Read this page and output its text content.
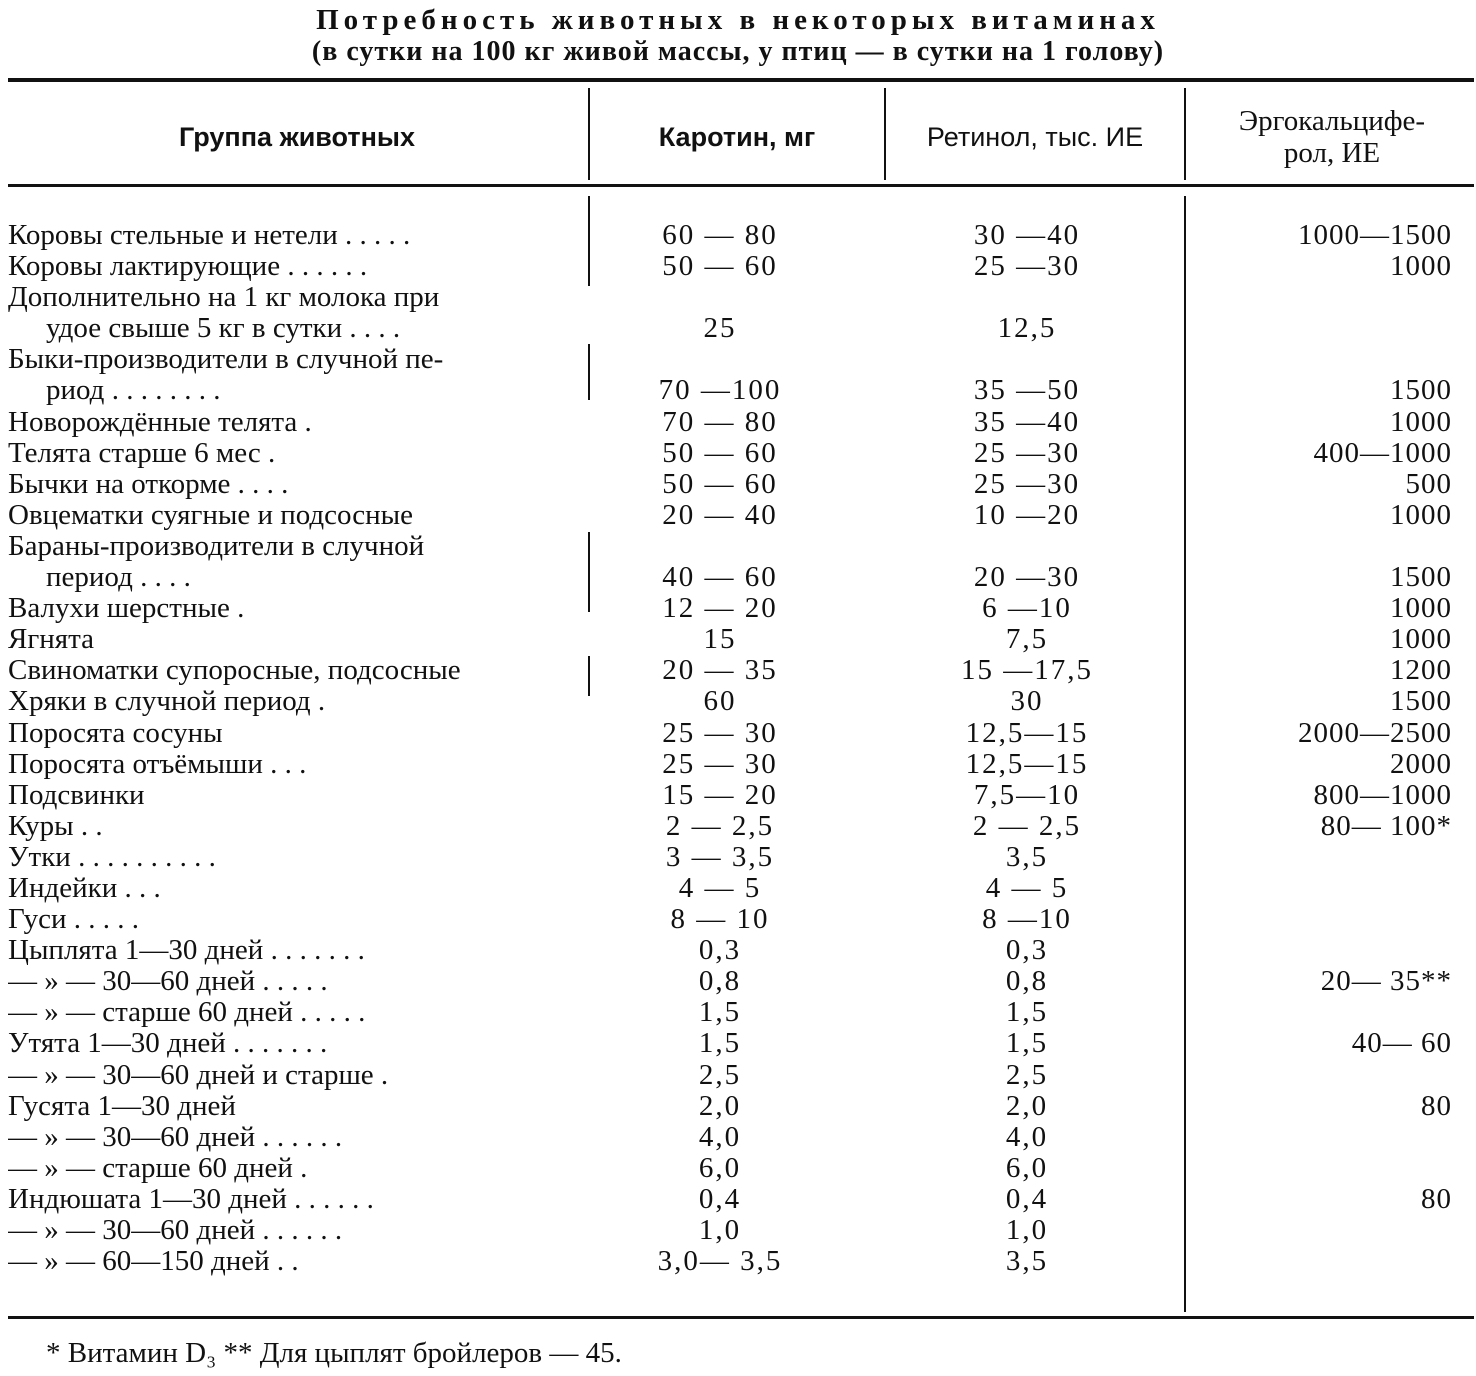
Потребность животных в некоторых витаминах
(в сутки на 100 кг живой массы, у птиц — в сутки на 1 голову)
Группа животных	Каротин, мг	Ретинол, тыс. ИЕ	Эргокальцифе-
рол, ИЕ
Коровы стельные и нетели . . . . .	60 — 80	30 —40	1000—1500
Коровы лактирующие . . . . . .	50 — 60	25 —30	1000
Дополнительно на 1 кг молока при
удое свыше 5 кг в сутки . . . .	25	12,5
Быки-производители в случной пе-
риод . . . . . . . .	70 —100	35 —50	1500
Новорождённые телята .	70 — 80	35 —40	1000
Телята старше 6 мес .	50 — 60	25 —30	400—1000
Бычки на откорме . . . .	50 — 60	25 —30	500
Овцематки суягные и подсосные	20 — 40	10 —20	1000
Бараны-производители в случной
период . . . .	40 — 60	20 —30	1500
Валухи шерстные .	12 — 20	6 —10	1000
Ягнята	15	7,5	1000
Свиноматки супоросные, подсосные	20 — 35	15 —17,5	1200
Хряки в случной период .	60	30	1500
Поросята сосуны	25 — 30	12,5—15	2000—2500
Поросята отъёмыши . . .	25 — 30	12,5—15	2000
Подсвинки	15 — 20	7,5—10	800—1000
Куры . .	2 — 2,5	2 — 2,5	80— 100*
Утки . . . . . . . . . .	3 — 3,5	3,5
Индейки . . .	4 — 5	4 — 5
Гуси . . . . .	8 — 10	8 —10
Цыплята 1—30 дней . . . . . . .	0,3	0,3
— » — 30—60 дней . . . . .	0,8	0,8	20— 35**
— » — старше 60 дней . . . . .	1,5	1,5
Утята 1—30 дней . . . . . . .	1,5	1,5	40— 60
— » — 30—60 дней и старше .	2,5	2,5
Гусята 1—30 дней	2,0	2,0	80
— » — 30—60 дней . . . . . .	4,0	4,0
— » — старше 60 дней .	6,0	6,0
Индюшата 1—30 дней . . . . . .	0,4	0,4	80
— » — 30—60 дней . . . . . .	1,0	1,0
— » — 60—150 дней . .	3,0— 3,5	3,5
* Витамин D₃ ** Для цыплят бройлеров — 45.
